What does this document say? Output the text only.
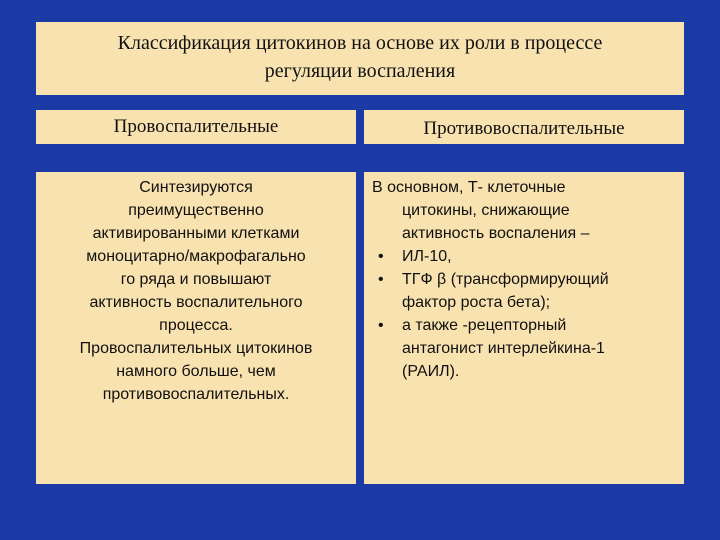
Классификация цитокинов на основе их роли в процессе
регуляции воспаления
Провоспалительные	Противовоспалительные
Синтезируются
преимущественно
активированными клетками
моноцитарно/макрофагально
го ряда и повышают
активность воспалительного
процесса.
Провоспалительных цитокинов
намного больше, чем
противовоспалительных.
В основном, Т- клеточные
цитокины, снижающие
активность воспаления –
• ИЛ-10,
• ТГФ β (трансформирующий
фактор роста бета);
• а также -рецепторный
антагонист интерлейкина-1
(РАИЛ).
